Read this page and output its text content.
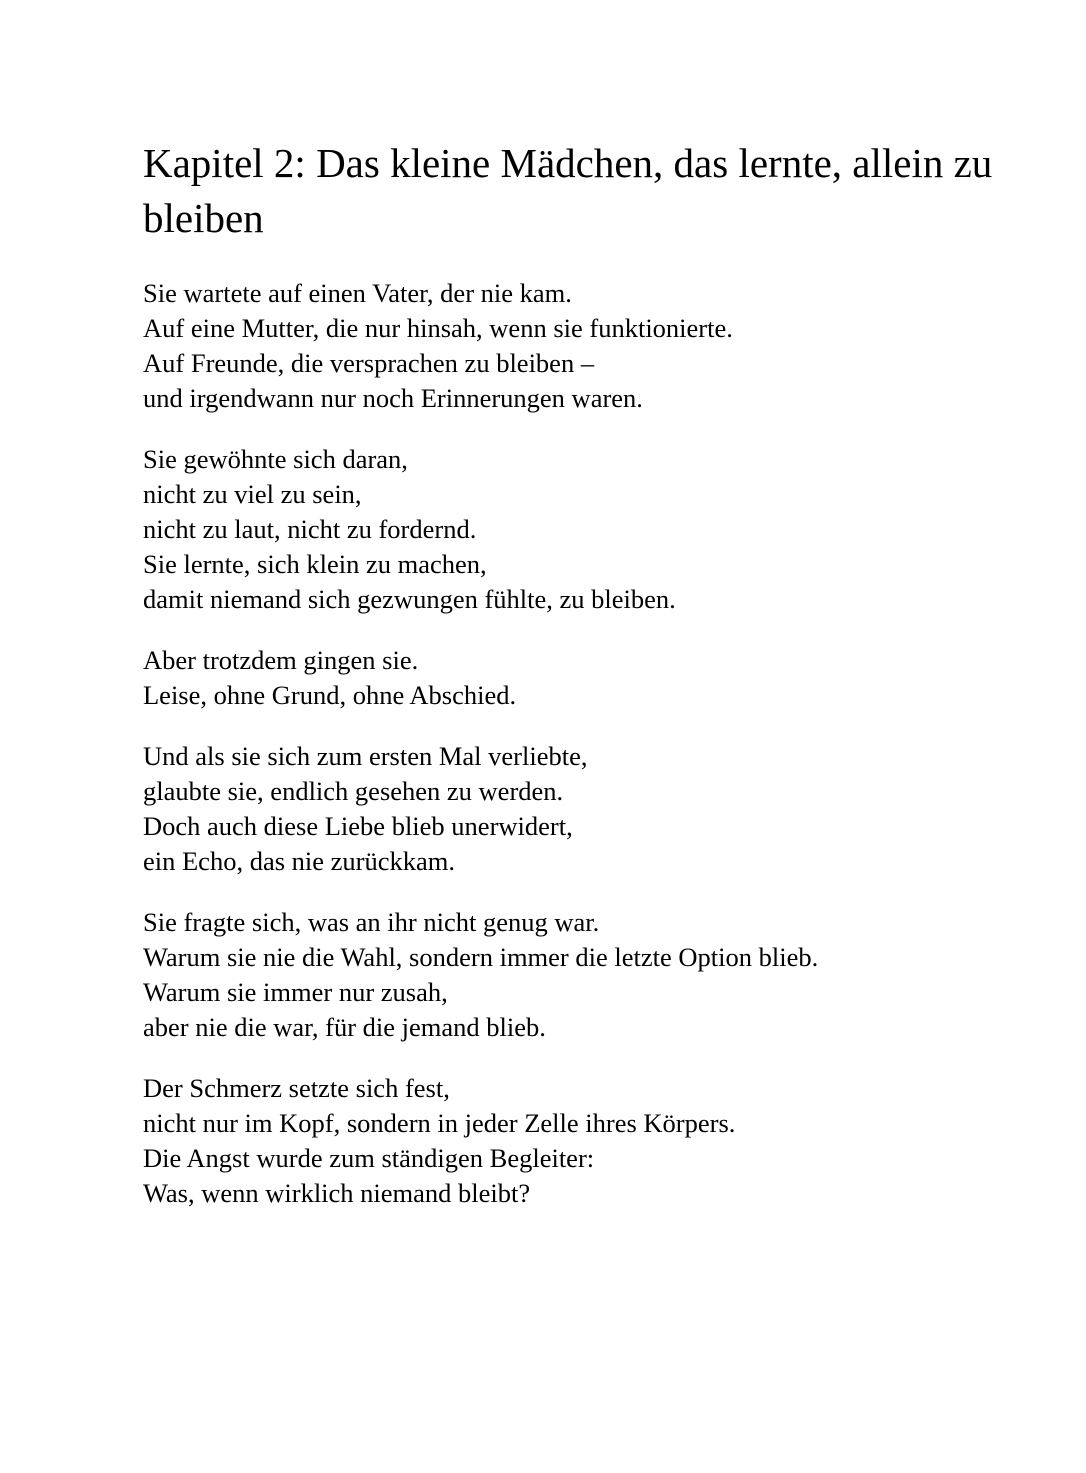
Kapitel 2: Das kleine Mädchen, das lernte, allein zu bleiben
Sie wartete auf einen Vater, der nie kam.
Auf eine Mutter, die nur hinsah, wenn sie funktionierte.
Auf Freunde, die versprachen zu bleiben –
und irgendwann nur noch Erinnerungen waren.
Sie gewöhnte sich daran,
nicht zu viel zu sein,
nicht zu laut, nicht zu fordernd.
Sie lernte, sich klein zu machen,
damit niemand sich gezwungen fühlte, zu bleiben.
Aber trotzdem gingen sie.
Leise, ohne Grund, ohne Abschied.
Und als sie sich zum ersten Mal verliebte,
glaubte sie, endlich gesehen zu werden.
Doch auch diese Liebe blieb unerwidert,
ein Echo, das nie zurückkam.
Sie fragte sich, was an ihr nicht genug war.
Warum sie nie die Wahl, sondern immer die letzte Option blieb.
Warum sie immer nur zusah,
aber nie die war, für die jemand blieb.
Der Schmerz setzte sich fest,
nicht nur im Kopf, sondern in jeder Zelle ihres Körpers.
Die Angst wurde zum ständigen Begleiter:
Was, wenn wirklich niemand bleibt?
